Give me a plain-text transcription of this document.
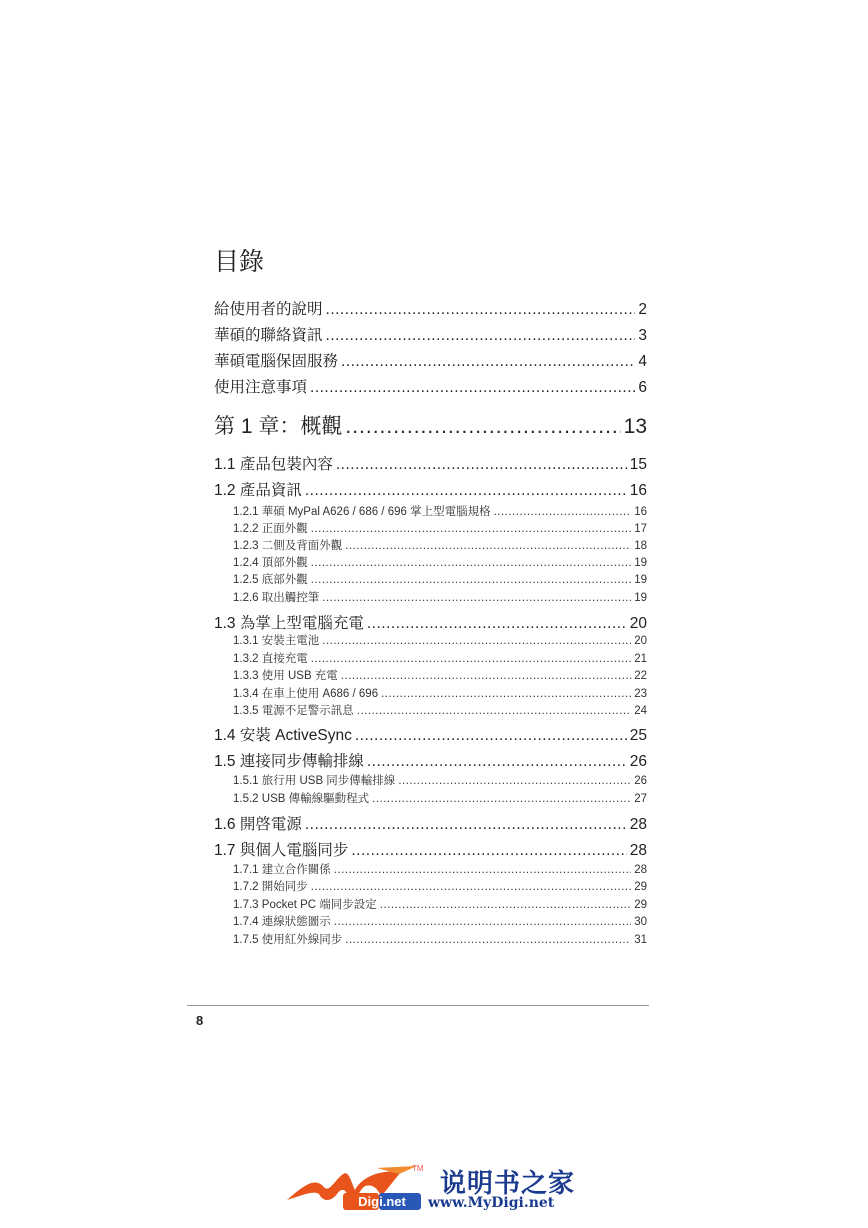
目錄
給使用者的說明 .....	2
華碩的聯絡資訊 .....	3
華碩電腦保固服務 .....	4
使用注意事項 .....	6
第 1 章：概觀 .....	13
1.1 產品包裝內容 .....	15
1.2 產品資訊 .....	16
1.2.1 華碩 MyPal A626 / 686 / 696 掌上型電腦規格 .....	16
1.2.2 正面外觀 .....	17
1.2.3 二側及背面外觀 .....	18
1.2.4 頂部外觀 .....	19
1.2.5 底部外觀 .....	19
1.2.6 取出觸控筆 .....	19
1.3 為掌上型電腦充電 .....	20
1.3.1 安裝主電池 .....	20
1.3.2 直接充電 .....	21
1.3.3 使用 USB 充電 .....	22
1.3.4 在車上使用 A686 / 696 .....	23
1.3.5 電源不足警示訊息 .....	24
1.4 安裝 ActiveSync .....	25
1.5 連接同步傳輸排線 .....	26
1.5.1 旅行用 USB 同步傳輸排線 .....	26
1.5.2 USB 傳輸線驅動程式 .....	27
1.6 開啓電源 .....	28
1.7 與個人電腦同步 .....	28
1.7.1 建立合作關係 .....	28
1.7.2 開始同步 .....	29
1.7.3 Pocket PC 端同步設定 .....	29
1.7.4 連線狀態圖示 .....	30
1.7.5 使用紅外線同步 .....	31
8
TM
Digi.net
说明书之家
www.MyDigi.net
